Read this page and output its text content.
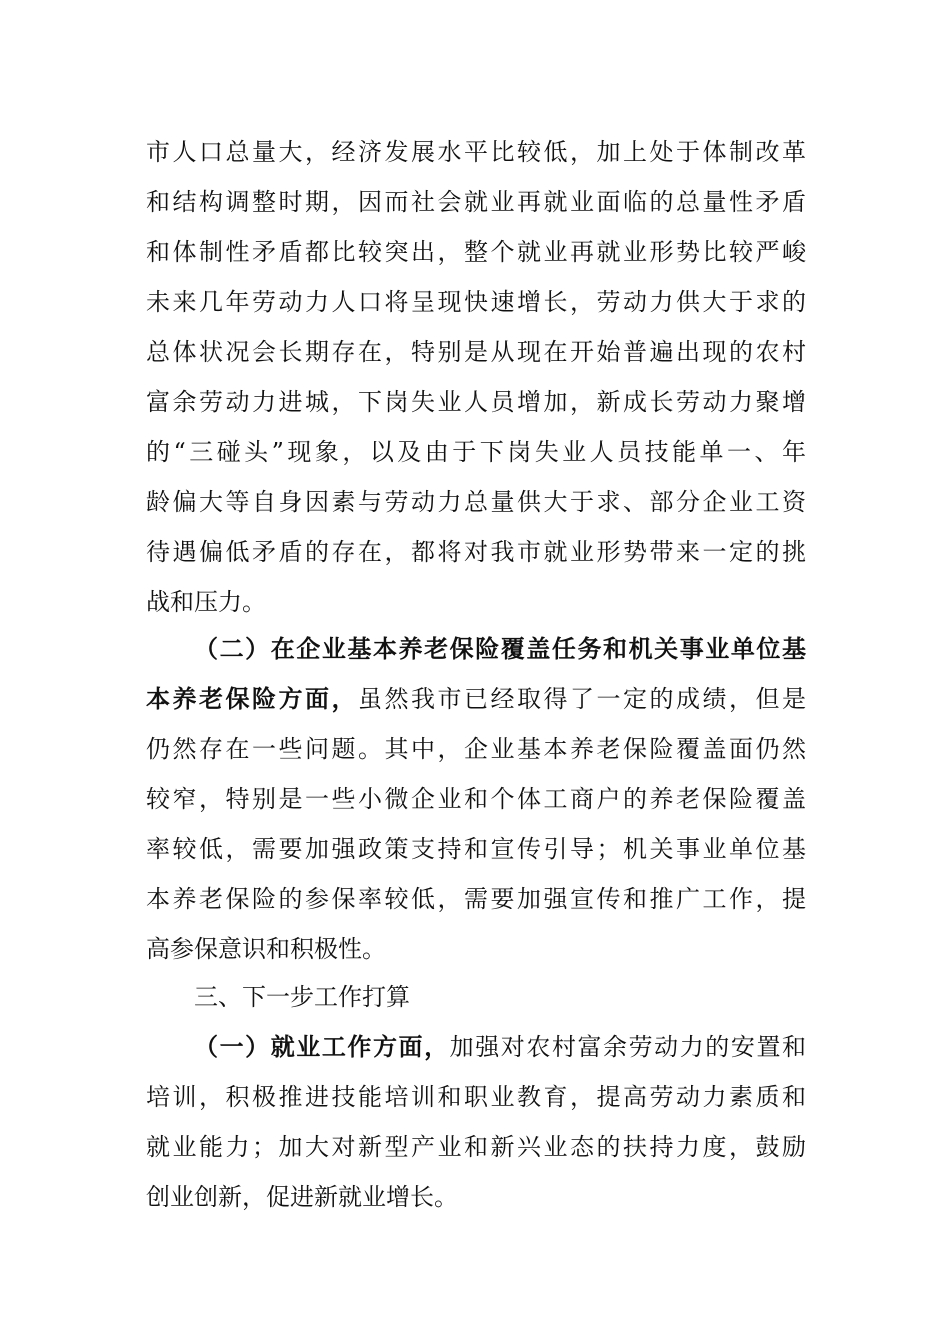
市人口总量大，经济发展水平比较低，加上处于体制改革
和结构调整时期，因而社会就业再就业面临的总量性矛盾
和体制性矛盾都比较突出，整个就业再就业形势比较严峻
未来几年劳动力人口将呈现快速增长，劳动力供大于求的
总体状况会长期存在，特别是从现在开始普遍出现的农村
富余劳动力进城，下岗失业人员增加，新成长劳动力聚增
的“三碰头”现象，以及由于下岗失业人员技能单一、年
龄偏大等自身因素与劳动力总量供大于求、部分企业工资
待遇偏低矛盾的存在，都将对我市就业形势带来一定的挑
战和压力。
（二）在企业基本养老保险覆盖任务和机关事业单位基
本养老保险方面，虽然我市已经取得了一定的成绩，但是
仍然存在一些问题。其中，企业基本养老保险覆盖面仍然
较窄，特别是一些小微企业和个体工商户的养老保险覆盖
率较低，需要加强政策支持和宣传引导；机关事业单位基
本养老保险的参保率较低，需要加强宣传和推广工作，提
高参保意识和积极性。
三、下一步工作打算
（一）就业工作方面，加强对农村富余劳动力的安置和
培训，积极推进技能培训和职业教育，提高劳动力素质和
就业能力；加大对新型产业和新兴业态的扶持力度，鼓励
创业创新，促进新就业增长。
